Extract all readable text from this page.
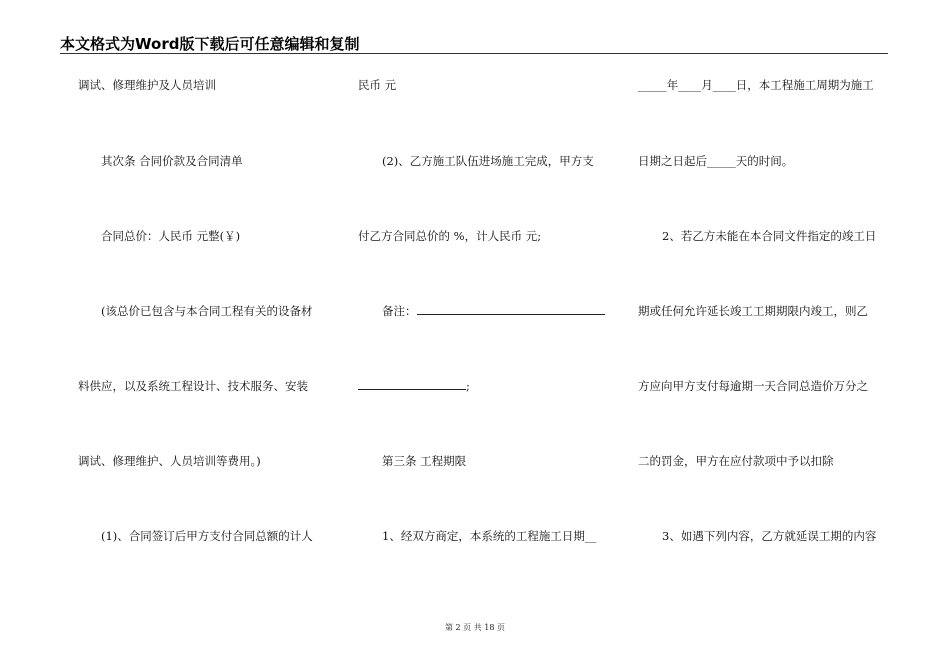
本文格式为Word版下载后可任意编辑和复制
调试、修理维护及人员培训
其次条 合同价款及合同清单
合同总价：人民币 元整(￥)
(该总价已包含与本合同工程有关的设备材
料供应，以及系统工程设计、技术服务、安装
调试、修理维护、人员培训等费用。)
(1)、合同签订后甲方支付合同总额的计人
民币 元
(2)、乙方施工队伍进场施工完成，甲方支
付乙方合同总价的 %，计人民币 元;
备注：
;
第三条 工程期限
1、经双方商定，本系统的工程施工日期__
_____年____月____日，本工程施工周期为施工
日期之日起后_____天的时间。
2、若乙方未能在本合同文件指定的竣工日
期或任何允许延长竣工工期期限内竣工，则乙
方应向甲方支付每逾期一天合同总造价万分之
二的罚金，甲方在应付款项中予以扣除
3、如遇下列内容，乙方就延误工期的内容
第 2 页 共 18 页
